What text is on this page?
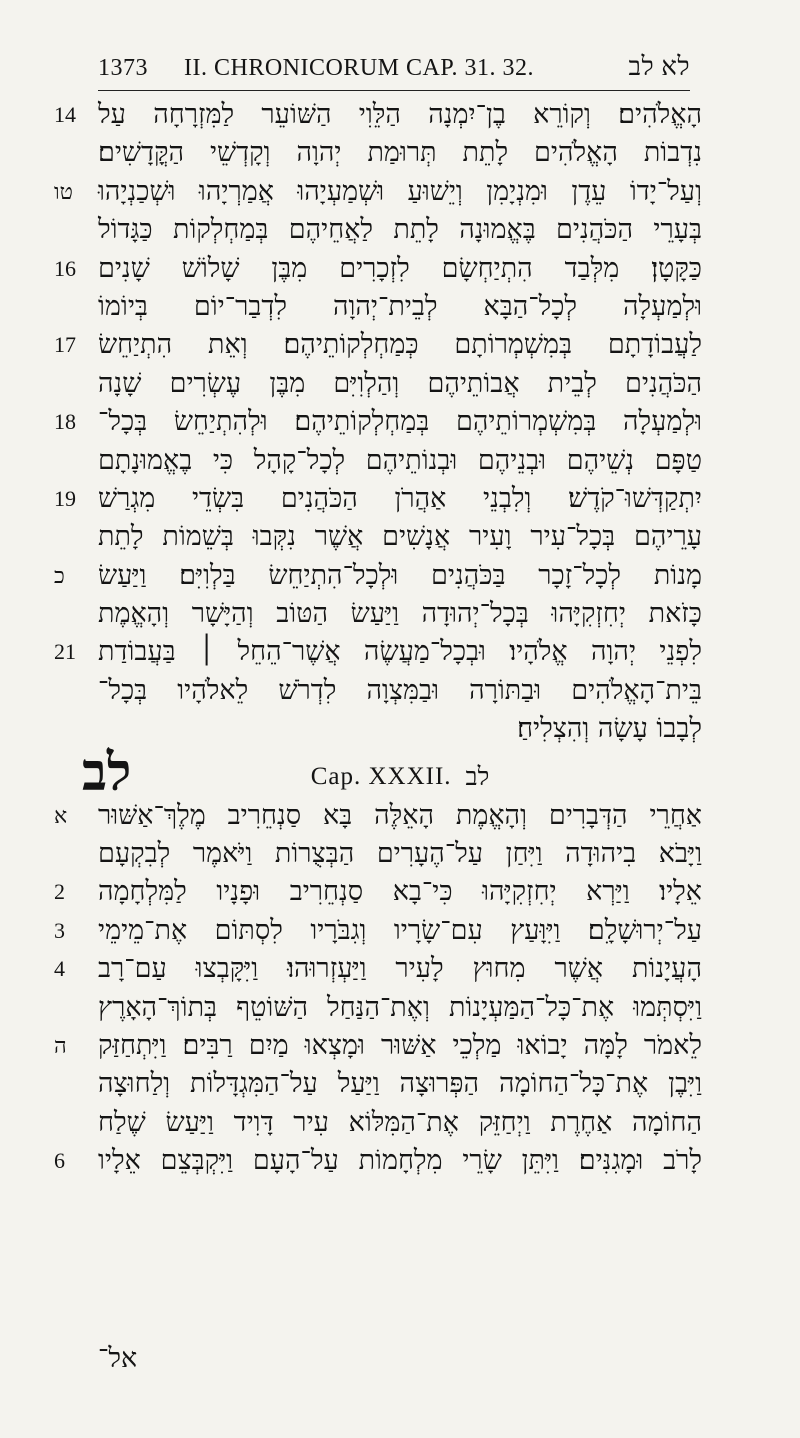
1373 II. CHRONICORUM CAP. 31. 32.	לא לב
14 הָאֱלֹהִים׃ וְקוֹרֵא בֶן־יִמְנָה הַלֵּוִי הַשּׁוֹעֵר לַמִּזְרָחָה עַל
נִדְבוֹת הָאֱלֹהִים לָתֵת תְּרוּמַת יְהוָה וְקָדְשֵׁי הַקֳּדָשִׁים׃
טו וְעַל־יָדוֹ עֵדֶן וּמִנְיָמִן וְיֵשׁוּעַ וּשְׁמַעְיָהוּ אֲמַרְיָהוּ וּשְׁכַנְיָהוּ
בְּעָרֵי הַכֹּהֲנִים בֶּאֱמוּנָה לָתֵת לַאֲחֵיהֶם בְּמַחְלְקוֹת כַּגָּדוֹל
16 כַּקָּטָן׃ מִלְּבַד הִתְיַחְשָׂם לִזְכָרִים מִבֶּן שָׁלוֹשׁ שָׁנִים
וּלְמַעְלָה לְכָל־הַבָּא לְבֵית־יְהוָה לִדְבַר־יוֹם בְּיוֹמוֹ
17 לַעֲבוֹדָתָם בְּמִשְׁמְרוֹתָם כְּמַחְלְקוֹתֵיהֶם׃ וְאֵת הִתְיַחֵשׂ
הַכֹּהֲנִים לְבֵית אֲבוֹתֵיהֶם וְהַלְוִיִּם מִבֶּן עֶשְׂרִים שָׁנָה
18 וּלְמַעְלָה בְּמִשְׁמְרוֹתֵיהֶם בְּמַחְלְקוֹתֵיהֶם׃ וּלְהִתְיַחֵשׂ בְּכָל־
טַפָּם נְשֵׁיהֶם וּבְנֵיהֶם וּבְנוֹתֵיהֶם לְכָל־קָהָל כִּי בֶאֱמוּנָתָם
19 יִתְקַדְּשׁוּ־קֹדֶשׁ׃ וְלִבְנֵי אַהֲרֹן הַכֹּהֲנִים בִּשְׂדֵי מִגְרַשׁ
עָרֵיהֶם בְּכָל־עִיר וָעִיר אֲנָשִׁים אֲשֶׁר נִקְּבוּ בְּשֵׁמוֹת לָתֵת
כ	מָנוֹת לְכָל־זָכָר בַּכֹּהֲנִים וּלְכָל־הִתְיַחֵשׂ בַּלְוִיִּם׃ וַיַּעַשׂ
כָּזֹאת יְחִזְקִיָּהוּ בְּכָל־יְהוּדָה וַיַּעַשׂ הַטּוֹב וְהַיָּשָׁר וְהָאֱמֶת
21 לִפְנֵי יְהוָה אֱלֹהָיו׃ וּבְכָל־מַעֲשֶׂה אֲשֶׁר־הֵחֵל ׀ בַּעֲבוֹדַת
בֵּית־הָאֱלֹהִים וּבַתּוֹרָה וּבַמִּצְוָה לִדְרֹשׁ לֵאלֹהָיו בְּכָל־
לְבָבוֹ עָשָׂה וְהִצְלִיחַ׃
Cap. XXXII. לב
לב
א	אַחֲרֵי הַדְּבָרִים וְהָאֱמֶת הָאֵלֶּה בָּא סַנְחֵרִיב מֶלֶךְ־אַשּׁוּר
וַיָּבֹא בִיהוּדָה וַיִּחַן עַל־הֶעָרִים הַבְּצֻרוֹת וַיֹּאמֶר לְבִקְעָם
2	אֵלָיו׃ וַיַּרְא יְחִזְקִיָּהוּ כִּי־בָא סַנְחֵרִיב וּפָנָיו לַמִּלְחָמָה
3	עַל־יְרוּשָׁלִָם׃ וַיִּוָּעַץ עִם־שָׂרָיו וְגִבֹּרָיו לִסְתּוֹם אֶת־מֵימֵי
4	הָעֲיָנוֹת אֲשֶׁר מִחוּץ לָעִיר וַיַּעְזְרוּהוּ׃ וַיִּקָּבְצוּ עַם־רָב
וַיִּסְתְּמוּ אֶת־כָּל־הַמַּעְיָנוֹת וְאֶת־הַנַּחַל הַשּׁוֹטֵף בְּתוֹךְ־הָאָרֶץ
ה	לֵאמֹר לָמָּה יָבוֹאוּ מַלְכֵי אַשּׁוּר וּמָצְאוּ מַיִם רַבִּים׃ וַיִּתְחַזַּק
וַיִּבֶן אֶת־כָּל־הַחוֹמָה הַפְּרוּצָה וַיַּעַל עַל־הַמִּגְדָּלוֹת וְלַחוּצָה
הַחוֹמָה אַחֶרֶת וַיְחַזֵּק אֶת־הַמִּלּוֹא עִיר דָּוִיד וַיַּעַשׂ שֶׁלַח
6	לָרֹב וּמָגִנִּים׃ וַיִּתֵּן שָׂרֵי מִלְחָמוֹת עַל־הָעָם וַיִּקְבְּצֵם אֵלָיו
אל־
